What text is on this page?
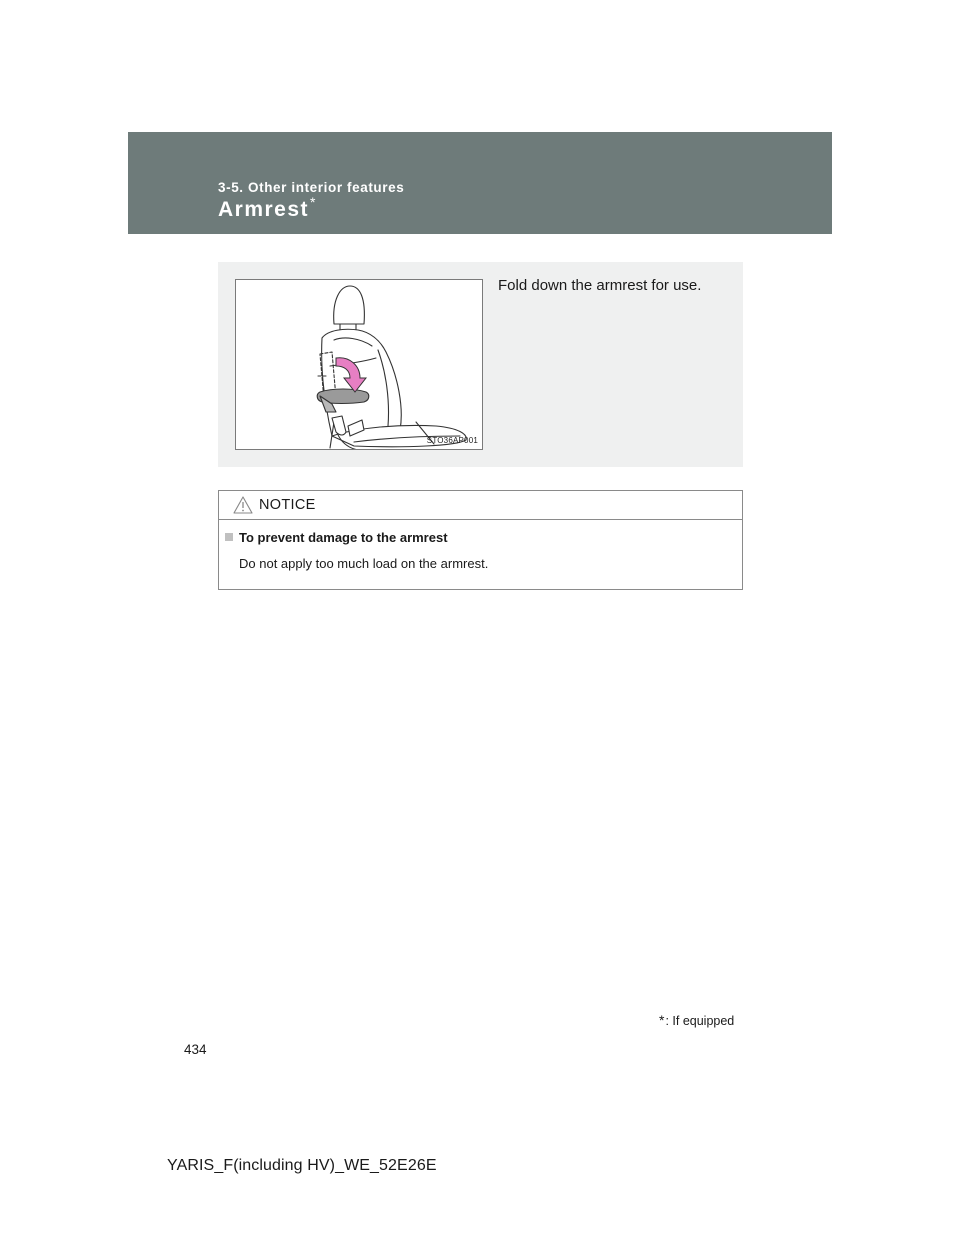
3-5. Other interior features
Armrest*
STO36AP001
Fold down the armrest for use.
NOTICE
To prevent damage to the armrest
Do not apply too much load on the armrest.
*: If equipped
434
YARIS_F(including HV)_WE_52E26E
